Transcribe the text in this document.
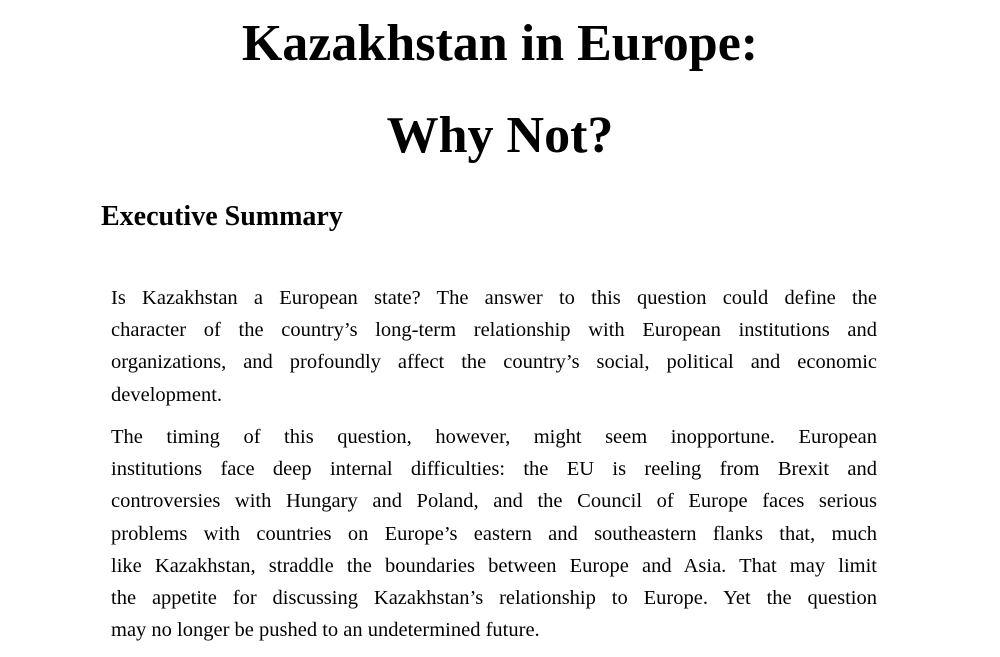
Kazakhstan in Europe:
Why Not?
Executive Summary

Is Kazakhstan a European state? The answer to this question could define the
character of the country’s long-term relationship with European institutions and
organizations, and profoundly affect the country’s social, political and economic
development.

The timing of this question, however, might seem inopportune. European
institutions face deep internal difficulties: the EU is reeling from Brexit and
controversies with Hungary and Poland, and the Council of Europe faces serious
problems with countries on Europe’s eastern and southeastern flanks that, much
like Kazakhstan, straddle the boundaries between Europe and Asia. That may limit
the appetite for discussing Kazakhstan’s relationship to Europe. Yet the question
may no longer be pushed to an undetermined future.
